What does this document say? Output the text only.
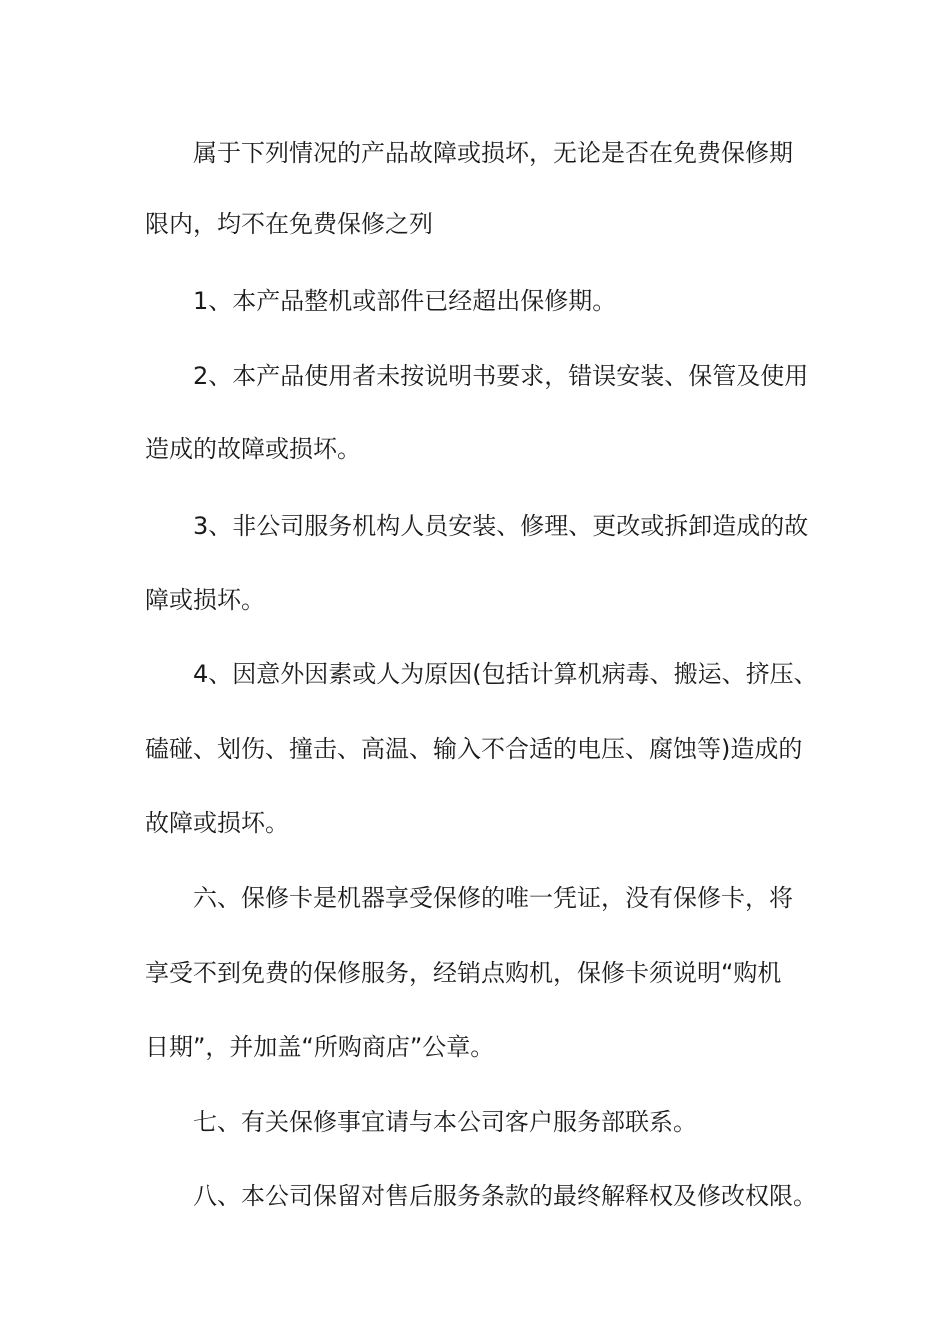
属于下列情况的产品故障或损坏，无论是否在免费保修期
限内，均不在免费保修之列
1、本产品整机或部件已经超出保修期。
2、本产品使用者未按说明书要求，错误安装、保管及使用
造成的故障或损坏。
3、非公司服务机构人员安装、修理、更改或拆卸造成的故
障或损坏。
4、因意外因素或人为原因(包括计算机病毒、搬运、挤压、
磕碰、划伤、撞击、高温、输入不合适的电压、腐蚀等)造成的
故障或损坏。
六、保修卡是机器享受保修的唯一凭证，没有保修卡，将
享受不到免费的保修服务，经销点购机，保修卡须说明“购机
日期”，并加盖“所购商店”公章。
七、有关保修事宜请与本公司客户服务部联系。
八、本公司保留对售后服务条款的最终解释权及修改权限。
